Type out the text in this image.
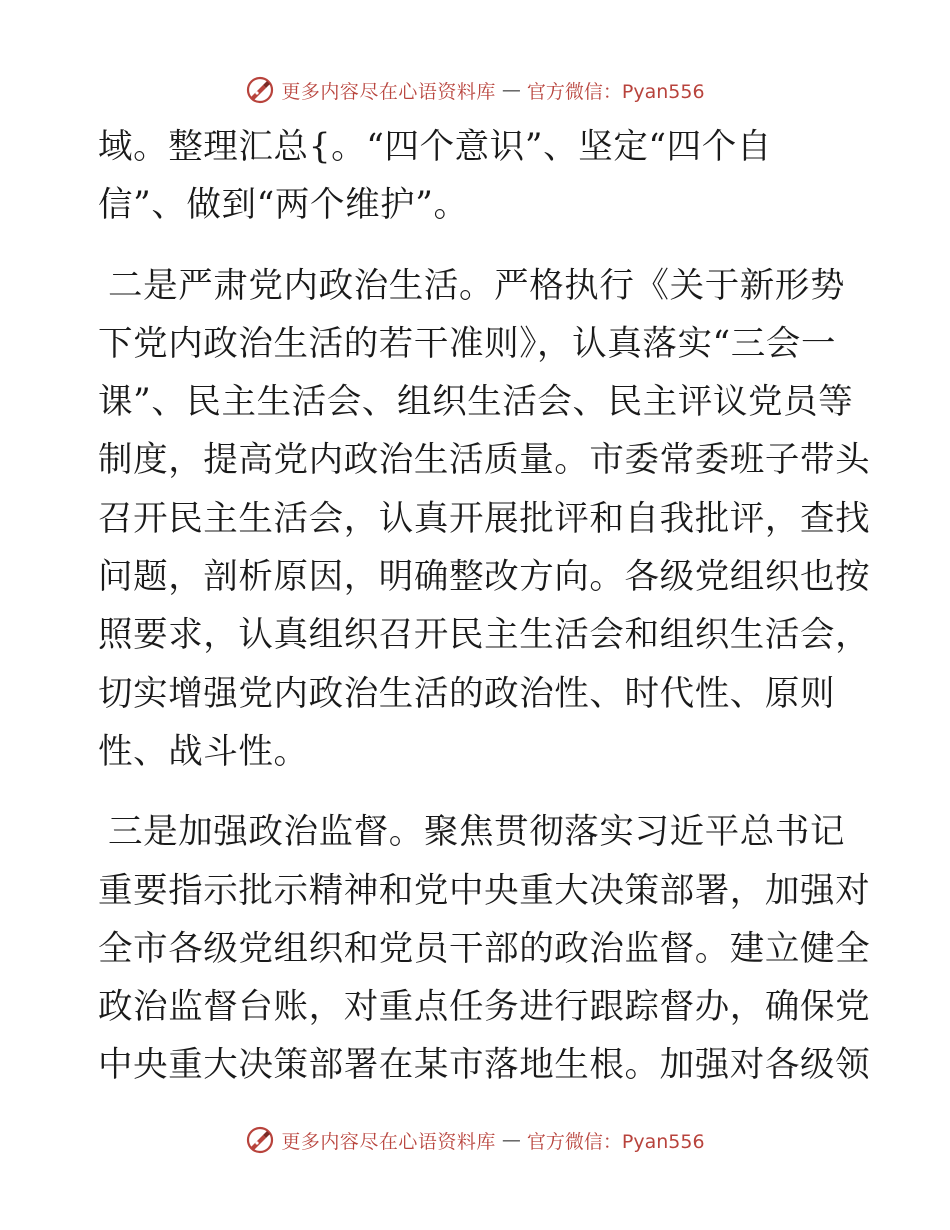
更多内容尽在心语资料库 — 官方微信：Pyan556
域。整理汇总{。“四个意识”、坚定“四个自
信”、做到“两个维护”。
二是严肃党内政治生活。严格执行《关于新形势
下党内政治生活的若干准则》，认真落实“三会一
课”、民主生活会、组织生活会、民主评议党员等
制度，提高党内政治生活质量。市委常委班子带头
召开民主生活会，认真开展批评和自我批评，查找
问题，剖析原因，明确整改方向。各级党组织也按
照要求，认真组织召开民主生活会和组织生活会，
切实增强党内政治生活的政治性、时代性、原则
性、战斗性。
三是加强政治监督。聚焦贯彻落实习近平总书记
重要指示批示精神和党中央重大决策部署，加强对
全市各级党组织和党员干部的政治监督。建立健全
政治监督台账，对重点任务进行跟踪督办，确保党
中央重大决策部署在某市落地生根。加强对各级领
更多内容尽在心语资料库 — 官方微信：Pyan556
